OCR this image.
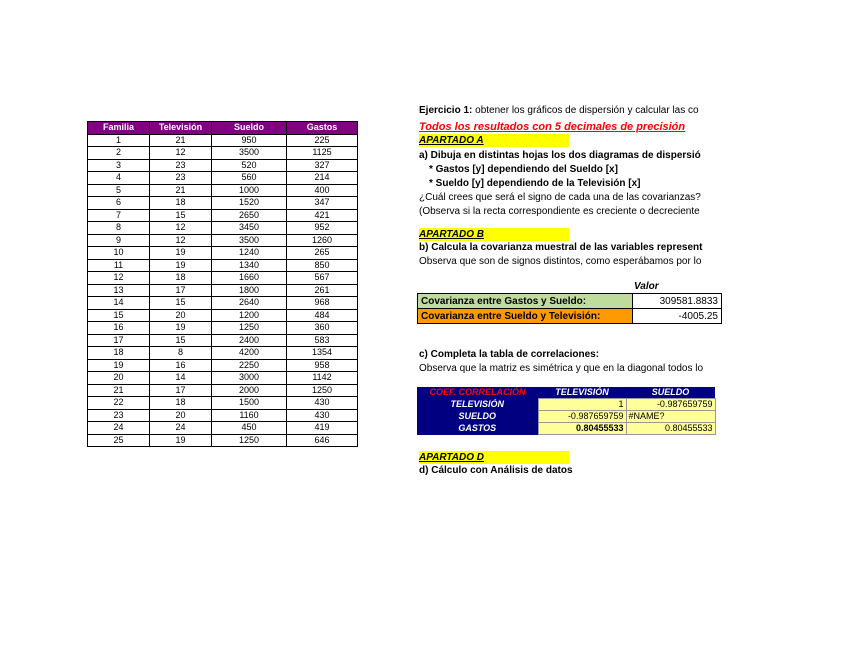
Familia	Televisión	Sueldo	Gastos
1	21	950	225
2	12	3500	1125
3	23	520	327
4	23	560	214
5	21	1000	400
6	18	1520	347
7	15	2650	421
8	12	3450	952
9	12	3500	1260
10	19	1240	265
11	19	1340	850
12	18	1660	567
13	17	1800	261
14	15	2640	968
15	20	1200	484
16	19	1250	360
17	15	2400	583
18	8	4200	1354
19	16	2250	958
20	14	3000	1142
21	17	2000	1250
22	18	1500	430
23	20	1160	430
24	24	450	419
25	19	1250	646
Ejercicio 1: obtener los gráficos de dispersión y calcular las co
Todos los resultados con 5 decimales de precisión
APARTADO A
a) Dibuja en distintas hojas los dos diagramas de dispersió
* Gastos [y] dependiendo del Sueldo [x]
* Sueldo [y] dependiendo de la Televisión [x]
¿Cuál crees que será el signo de cada una de las covarianzas?
(Observa si la recta correspondiente es creciente o decreciente
APARTADO B
b) Calcula la covarianza muestral de las variables represent
Observa que son de signos distintos, como esperábamos por lo
Valor
Covarianza entre Gastos y Sueldo:	309581.8833
Covarianza entre Sueldo y Televisión:	-4005.25
c) Completa la tabla de correlaciones:
Observa que la matriz es simétrica y que en la diagonal todos lo
COEF. CORRELACIÓN	TELEVISIÓN	SUELDO
TELEVISIÓN	1	-0.987659759
SUELDO	-0.987659759	#NAME?
GASTOS	0.80455533	0.80455533
APARTADO D
d) Cálculo con Análisis de datos
